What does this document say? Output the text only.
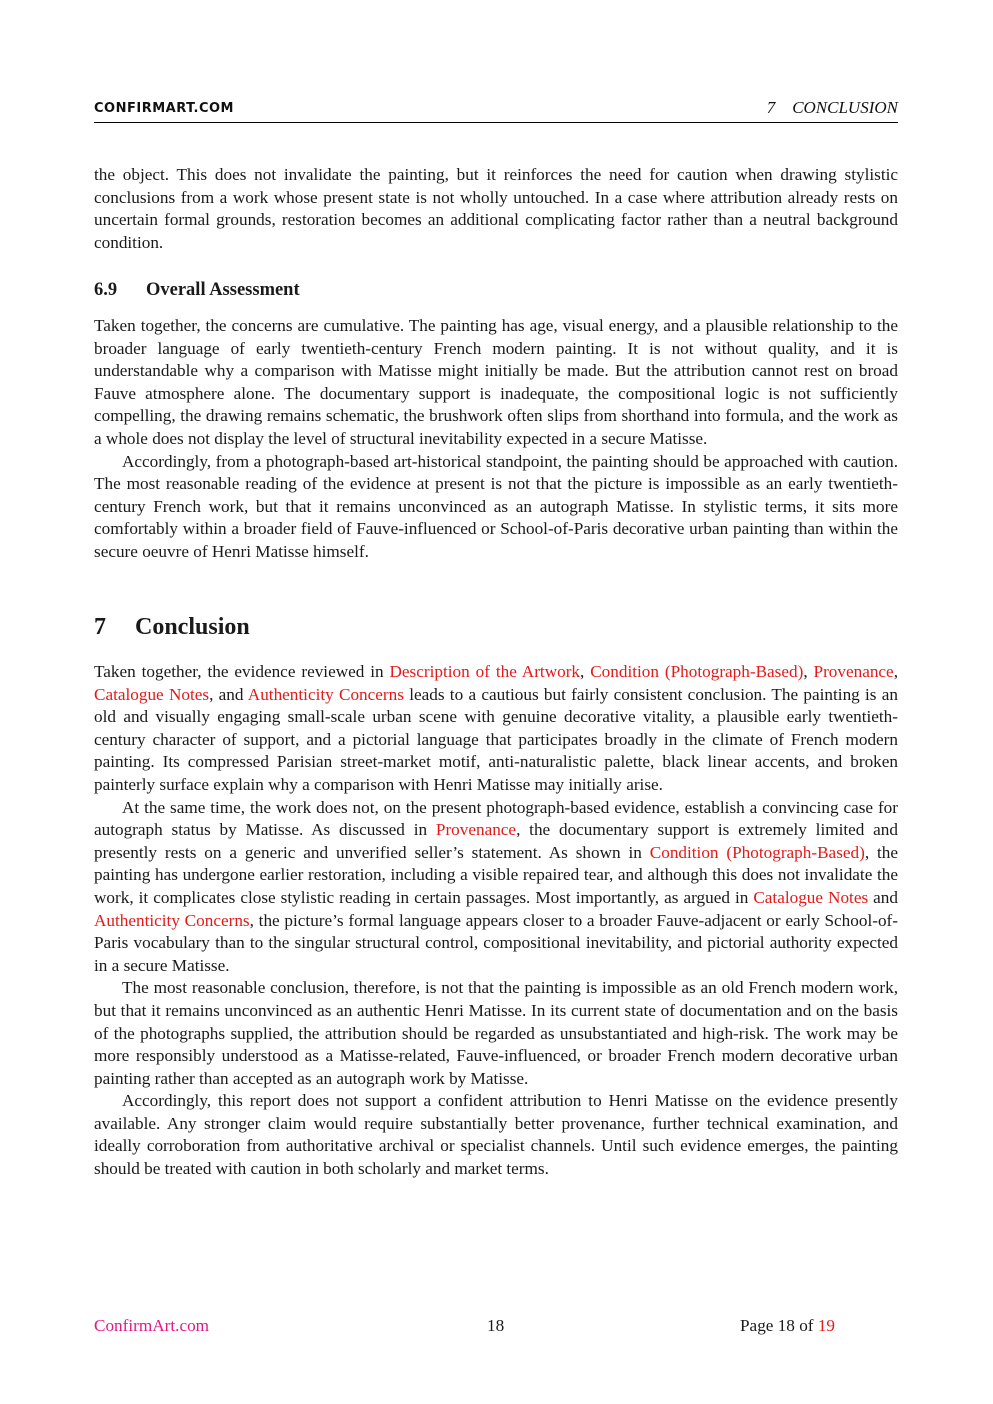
CONFIRMART.COM	7 CONCLUSION

the object. This does not invalidate the painting, but it reinforces the need for caution when drawing stylistic conclusions from a work whose present state is not wholly untouched. In a case where attribution already rests on uncertain formal grounds, restoration becomes an additional complicating factor rather than a neutral background condition.

6.9 Overall Assessment

Taken together, the concerns are cumulative. The painting has age, visual energy, and a plausible relationship to the broader language of early twentieth-century French modern painting. It is not without quality, and it is understandable why a comparison with Matisse might initially be made. But the attribution cannot rest on broad Fauve atmosphere alone. The documentary support is inadequate, the compositional logic is not sufficiently compelling, the drawing remains schematic, the brushwork often slips from shorthand into formula, and the work as a whole does not display the level of structural inevitability expected in a secure Matisse.

Accordingly, from a photograph-based art-historical standpoint, the painting should be approached with caution. The most reasonable reading of the evidence at present is not that the picture is impossible as an early twentieth-century French work, but that it remains unconvinced as an autograph Matisse. In stylistic terms, it sits more comfortably within a broader field of Fauve-influenced or School-of-Paris decorative urban painting than within the secure oeuvre of Henri Matisse himself.

7 Conclusion

Taken together, the evidence reviewed in Description of the Artwork, Condition (Photograph-Based), Provenance, Catalogue Notes, and Authenticity Concerns leads to a cautious but fairly consistent conclusion. The painting is an old and visually engaging small-scale urban scene with genuine decorative vitality, a plausible early twentieth-century character of support, and a pictorial language that participates broadly in the climate of French modern painting. Its compressed Parisian street-market motif, anti-naturalistic palette, black linear accents, and broken painterly surface explain why a comparison with Henri Matisse may initially arise.

At the same time, the work does not, on the present photograph-based evidence, establish a convincing case for autograph status by Matisse. As discussed in Provenance, the documentary support is extremely limited and presently rests on a generic and unverified seller’s statement. As shown in Condition (Photograph-Based), the painting has undergone earlier restoration, including a visible repaired tear, and although this does not invalidate the work, it complicates close stylistic reading in certain passages. Most importantly, as argued in Catalogue Notes and Authenticity Concerns, the picture’s formal language appears closer to a broader Fauve-adjacent or early School-of-Paris vocabulary than to the singular structural control, compositional inevitability, and pictorial authority expected in a secure Matisse.

The most reasonable conclusion, therefore, is not that the painting is impossible as an old French modern work, but that it remains unconvinced as an authentic Henri Matisse. In its current state of documentation and on the basis of the photographs supplied, the attribution should be regarded as unsubstantiated and high-risk. The work may be more responsibly understood as a Matisse-related, Fauve-influenced, or broader French modern decorative urban painting rather than accepted as an autograph work by Matisse.

Accordingly, this report does not support a confident attribution to Henri Matisse on the evidence presently available. Any stronger claim would require substantially better provenance, further technical examination, and ideally corroboration from authoritative archival or specialist channels. Until such evidence emerges, the painting should be treated with caution in both scholarly and market terms.

ConfirmArt.com	18	Page 18 of 19
